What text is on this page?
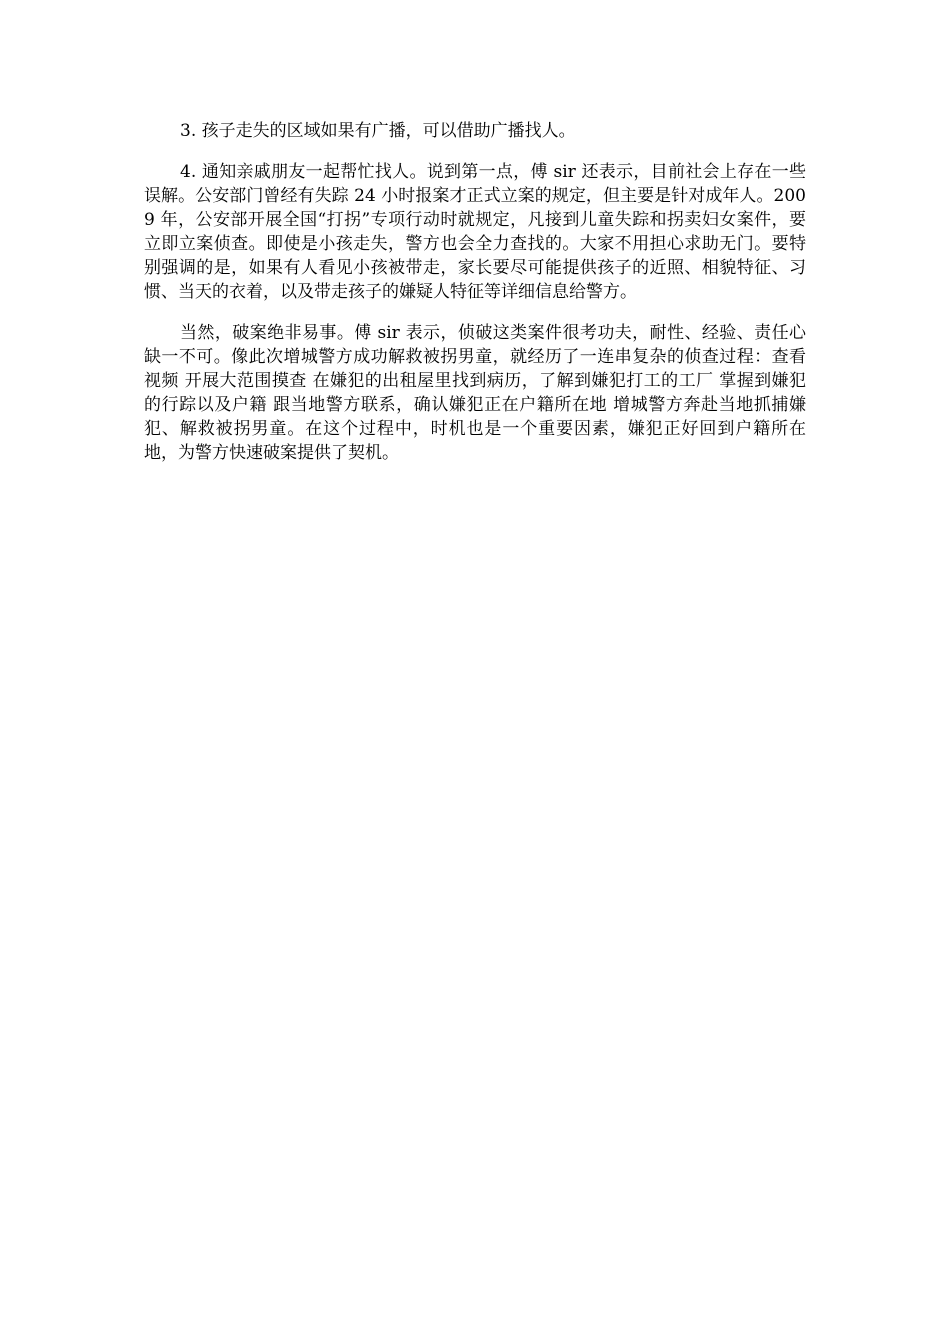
3. 孩子走失的区域如果有广播，可以借助广播找人。

4. 通知亲戚朋友一起帮忙找人。说到第一点，傅 sir 还表示，目前社会上存在一些误解。公安部门曾经有失踪 24 小时报案才正式立案的规定，但主要是针对成年人。2009 年，公安部开展全国“打拐”专项行动时就规定，凡接到儿童失踪和拐卖妇女案件，要立即立案侦查。即使是小孩走失，警方也会全力查找的。大家不用担心求助无门。要特别强调的是，如果有人看见小孩被带走，家长要尽可能提供孩子的近照、相貌特征、习惯、当天的衣着，以及带走孩子的嫌疑人特征等详细信息给警方。

当然，破案绝非易事。傅 sir 表示，侦破这类案件很考功夫，耐性、经验、责任心缺一不可。像此次增城警方成功解救被拐男童，就经历了一连串复杂的侦查过程：查看视频 开展大范围摸查 在嫌犯的出租屋里找到病历，了解到嫌犯打工的工厂 掌握到嫌犯的行踪以及户籍 跟当地警方联系，确认嫌犯正在户籍所在地 增城警方奔赴当地抓捕嫌犯、解救被拐男童。在这个过程中，时机也是一个重要因素，嫌犯正好回到户籍所在地，为警方快速破案提供了契机。
